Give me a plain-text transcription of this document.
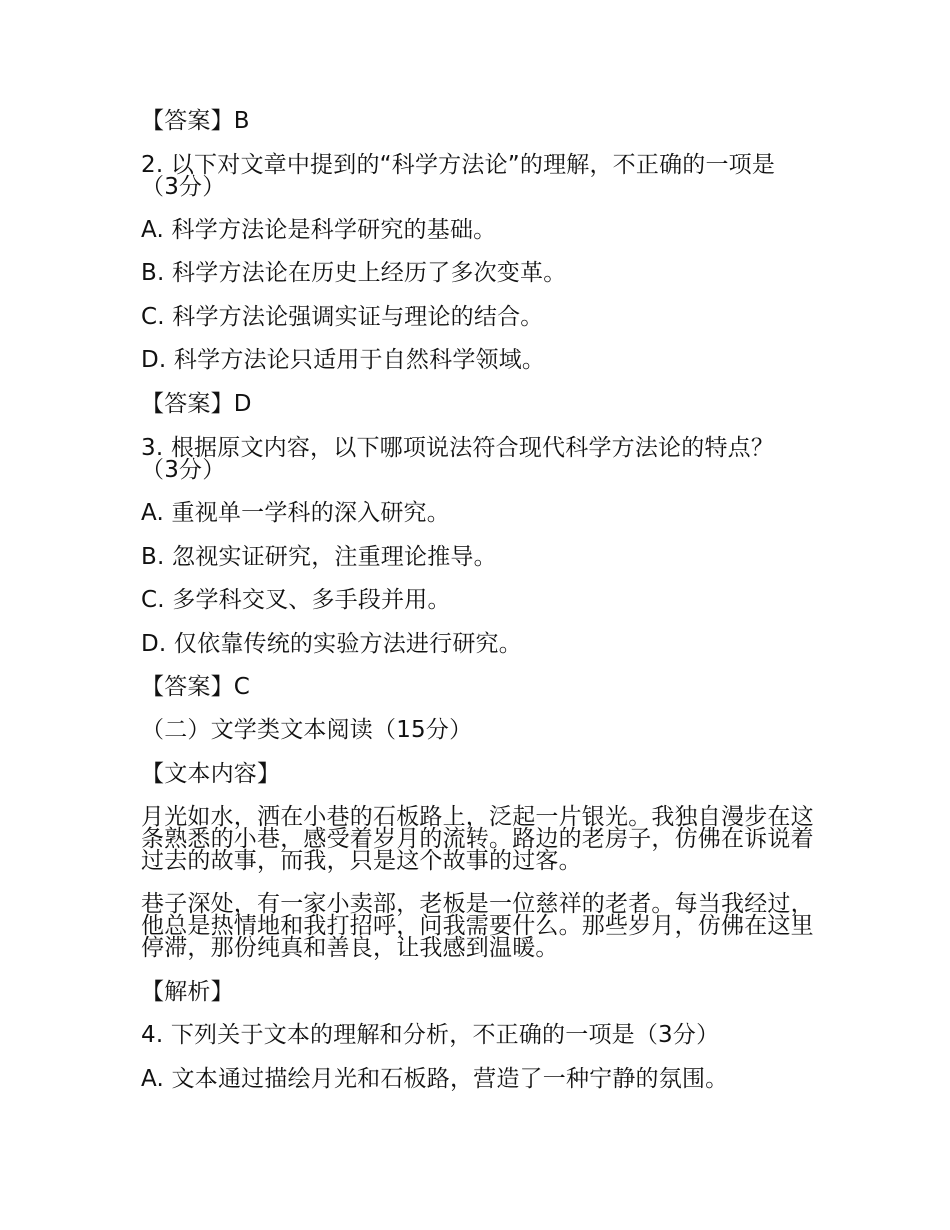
【答案】B
2. 以下对文章中提到的“科学方法论”的理解，不正确的一项是（3分）
A. 科学方法论是科学研究的基础。
B. 科学方法论在历史上经历了多次变革。
C. 科学方法论强调实证与理论的结合。
D. 科学方法论只适用于自然科学领域。
【答案】D
3. 根据原文内容，以下哪项说法符合现代科学方法论的特点？（3分）
A. 重视单一学科的深入研究。
B. 忽视实证研究，注重理论推导。
C. 多学科交叉、多手段并用。
D. 仅依靠传统的实验方法进行研究。
【答案】C
（二）文学类文本阅读（15分）
【文本内容】
月光如水，洒在小巷的石板路上，泛起一片银光。我独自漫步在这条熟悉的小巷，感受着岁月的流转。路边的老房子，仿佛在诉说着过去的故事，而我，只是这个故事的过客。
巷子深处，有一家小卖部，老板是一位慈祥的老者。每当我经过，他总是热情地和我打招呼，问我需要什么。那些岁月，仿佛在这里停滞，那份纯真和善良，让我感到温暖。
【解析】
4. 下列关于文本的理解和分析，不正确的一项是（3分）
A. 文本通过描绘月光和石板路，营造了一种宁静的氛围。
